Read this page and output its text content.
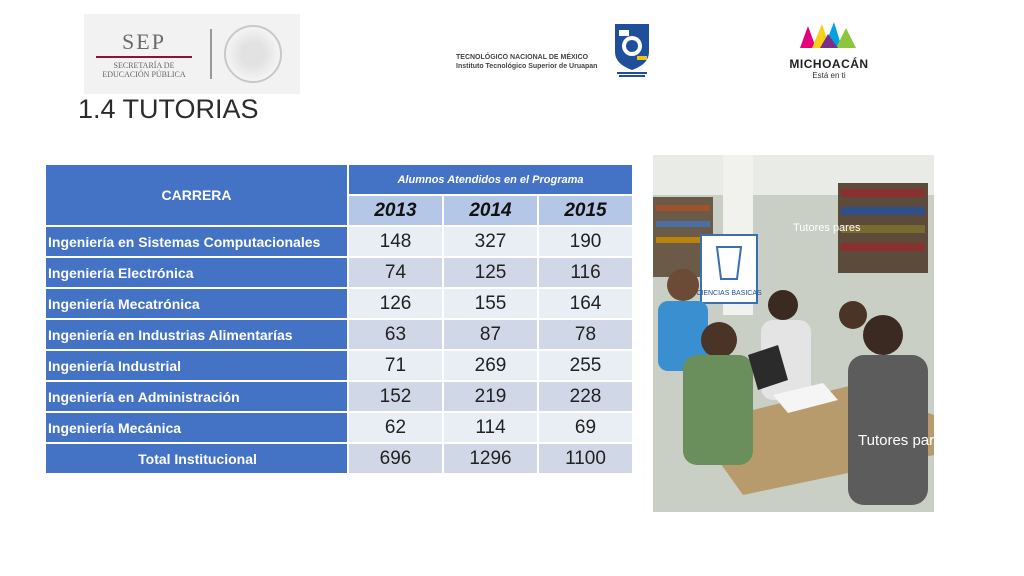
SEP
SECRETARÍA DE
EDUCACIÓN PÚBLICA
TECNOLÓGICO NACIONAL DE MÉXICO
Instituto Tecnológico Superior de Uruapan	MICHOACÁN
Está en ti
1.4 TUTORIAS
CARRERA	Alumnos Atendidos en el Programa		
	2013	2014	2015
Ingeniería en Sistemas Computacionales	148	327	190
Ingeniería Electrónica	74	125	116
Ingeniería Mecatrónica	126	155	164
Ingeniería en Industrias Alimentarías	63	87	78
Ingeniería Industrial	71	269	255
Ingeniería en Administración	152	219	228
Ingeniería Mecánica	62	114	69
Total Institucional	696	1296	1100
CIENCIAS BASICAS
Tutores pares
Tutores pares
